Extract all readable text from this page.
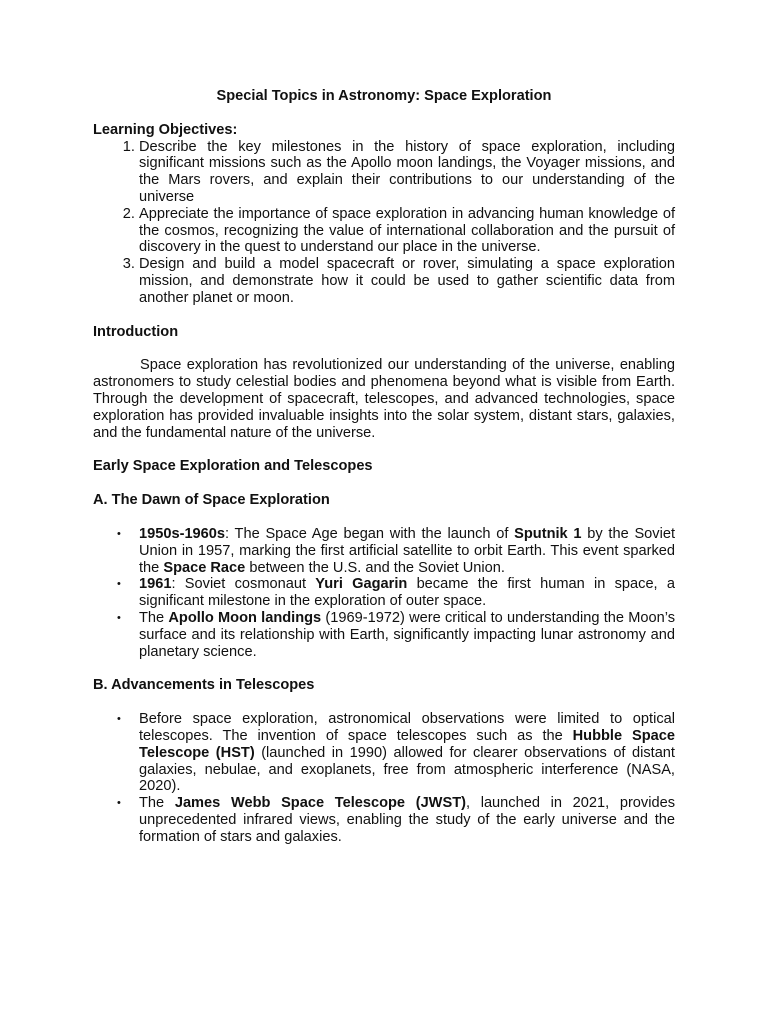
Special Topics in Astronomy: Space Exploration
Learning Objectives:
1. Describe the key milestones in the history of space exploration, including significant missions such as the Apollo moon landings, the Voyager missions, and the Mars rovers, and explain their contributions to our understanding of the universe
2. Appreciate the importance of space exploration in advancing human knowledge of the cosmos, recognizing the value of international collaboration and the pursuit of discovery in the quest to understand our place in the universe.
3. Design and build a model spacecraft or rover, simulating a space exploration mission, and demonstrate how it could be used to gather scientific data from another planet or moon.
Introduction

Space exploration has revolutionized our understanding of the universe, enabling astronomers to study celestial bodies and phenomena beyond what is visible from Earth. Through the development of spacecraft, telescopes, and advanced technologies, space exploration has provided invaluable insights into the solar system, distant stars, galaxies, and the fundamental nature of the universe.

Early Space Exploration and Telescopes
A. The Dawn of Space Exploration
• 1950s-1960s: The Space Age began with the launch of Sputnik 1 by the Soviet Union in 1957, marking the first artificial satellite to orbit Earth. This event sparked the Space Race between the U.S. and the Soviet Union.
• 1961: Soviet cosmonaut Yuri Gagarin became the first human in space, a significant milestone in the exploration of outer space.
• The Apollo Moon landings (1969-1972) were critical to understanding the Moon’s surface and its relationship with Earth, significantly impacting lunar astronomy and planetary science.
B. Advancements in Telescopes
• Before space exploration, astronomical observations were limited to optical telescopes. The invention of space telescopes such as the Hubble Space Telescope (HST) (launched in 1990) allowed for clearer observations of distant galaxies, nebulae, and exoplanets, free from atmospheric interference (NASA, 2020).
• The James Webb Space Telescope (JWST), launched in 2021, provides unprecedented infrared views, enabling the study of the early universe and the formation of stars and galaxies.
